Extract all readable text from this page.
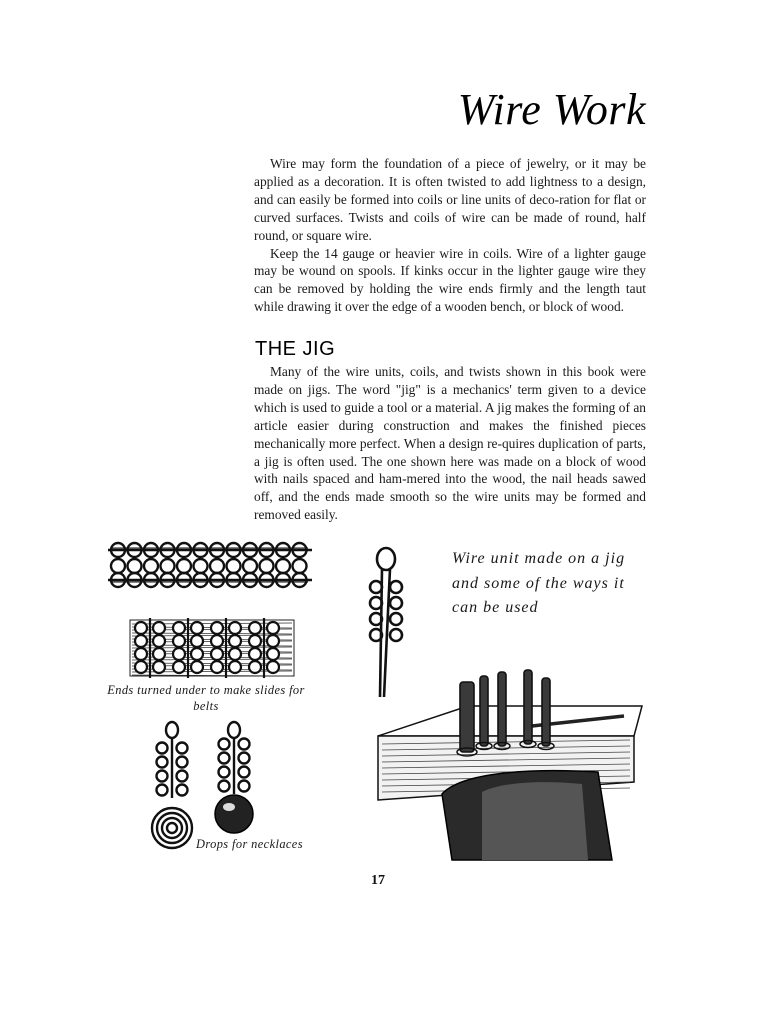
Wire Work

Wire may form the foundation of a piece of jewelry, or it may be applied as a decoration. It is often twisted to add lightness to a design, and can easily be formed into coils or line units of deco-ration for flat or curved surfaces. Twists and coils of wire can be made of round, half round, or square wire.

Keep the 14 gauge or heavier wire in coils. Wire of a lighter gauge may be wound on spools. If kinks occur in the lighter gauge wire they can be removed by holding the wire ends firmly and the length taut while drawing it over the edge of a wooden bench, or block of wood.

THE JIG

Many of the wire units, coils, and twists shown in this book were made on jigs. The word "jig" is a mechanics' term given to a device which is used to guide a tool or a material. A jig makes the forming of an article easier during construction and makes the finished pieces mechanically more perfect. When a design re-quires duplication of parts, a jig is often used. The one shown here was made on a block of wood with nails spaced and ham-mered into the wood, the nail heads sawed off, and the ends made smooth so the wire units may be formed and removed easily.

Wire unit made on a jig and some of the ways it can be used
Ends turned under to make slides for belts
Drops for necklaces
17
